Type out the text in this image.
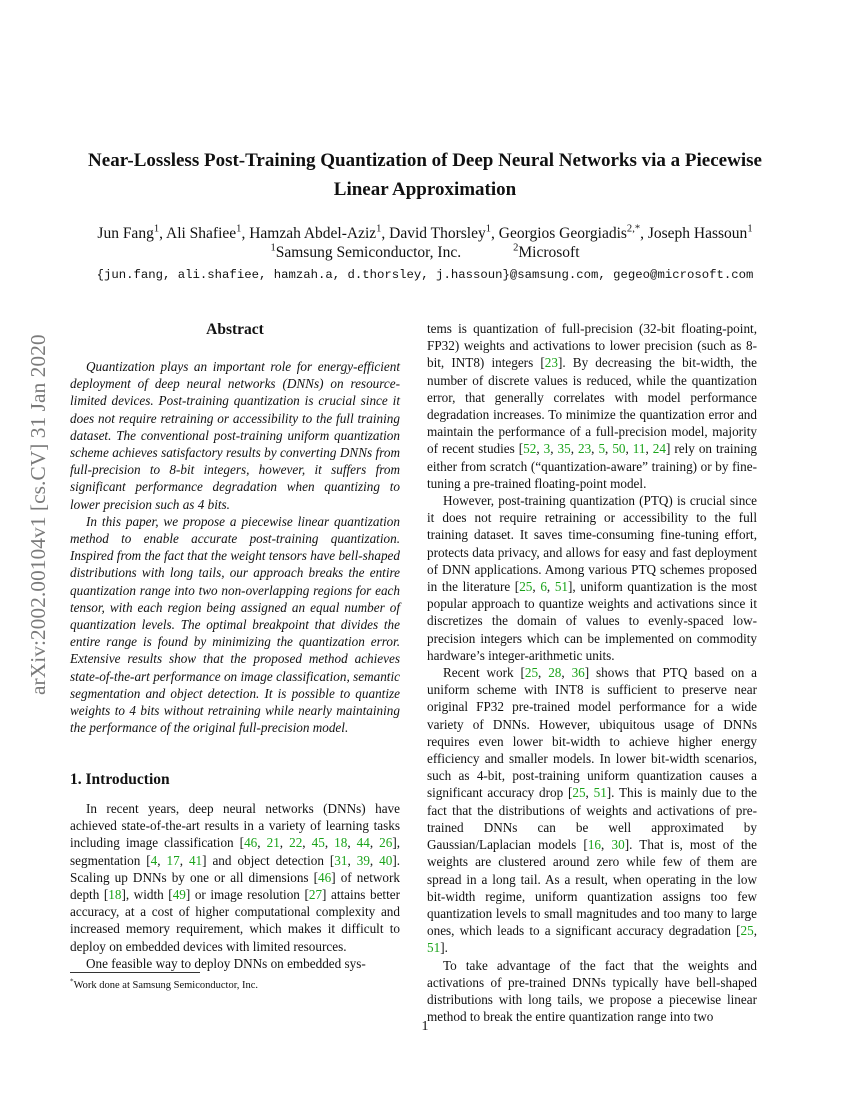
arXiv:2002.00104v1 [cs.CV] 31 Jan 2020
Near-Lossless Post-Training Quantization of Deep Neural Networks via a Piecewise Linear Approximation
Jun Fang$^1$, Ali Shafiee$^1$, Hamzah Abdel-Aziz$^1$, David Thorsley$^1$, Georgios Georgiadis$^{2,*}$, Joseph Hassoun$^1$
$^1$Samsung Semiconductor, Inc.	$^2$Microsoft
{jun.fang, ali.shafiee, hamzah.a, d.thorsley, j.hassoun}@samsung.com, gegeo@microsoft.com
Abstract

Quantization plays an important role for energy-efficient deployment of deep neural networks (DNNs) on resource-limited devices. Post-training quantization is crucial since it does not require retraining or accessibility to the full training dataset. The conventional post-training uniform quantization scheme achieves satisfactory results by converting DNNs from full-precision to 8-bit integers, however, it suffers from significant performance degradation when quantizing to lower precision such as 4 bits.

In this paper, we propose a piecewise linear quantization method to enable accurate post-training quantization. Inspired from the fact that the weight tensors have bell-shaped distributions with long tails, our approach breaks the entire quantization range into two non-overlapping regions for each tensor, with each region being assigned an equal number of quantization levels. The optimal breakpoint that divides the entire range is found by minimizing the quantization error. Extensive results show that the proposed method achieves state-of-the-art performance on image classification, semantic segmentation and object detection. It is possible to quantize weights to 4 bits without retraining while nearly maintaining the performance of the original full-precision model.

1. Introduction

In recent years, deep neural networks (DNNs) have achieved state-of-the-art results in a variety of learning tasks including image classification [46, 21, 22, 45, 18, 44, 26], segmentation [4, 17, 41] and object detection [31, 39, 40]. Scaling up DNNs by one or all dimensions [46] of network depth [18], width [49] or image resolution [27] attains better accuracy, at a cost of higher computational complexity and increased memory requirement, which makes it difficult to deploy on embedded devices with limited resources.

One feasible way to deploy DNNs on embedded sys-

tems is quantization of full-precision (32-bit floating-point, FP32) weights and activations to lower precision (such as 8-bit, INT8) integers [23]. By decreasing the bit-width, the number of discrete values is reduced, while the quantization error, that generally correlates with model performance degradation increases. To minimize the quantization error and maintain the performance of a full-precision model, majority of recent studies [52, 3, 35, 23, 5, 50, 11, 24] rely on training either from scratch (“quantization-aware” training) or by fine-tuning a pre-trained floating-point model.

However, post-training quantization (PTQ) is crucial since it does not require retraining or accessibility to the full training dataset. It saves time-consuming fine-tuning effort, protects data privacy, and allows for easy and fast deployment of DNN applications. Among various PTQ schemes proposed in the literature [25, 6, 51], uniform quantization is the most popular approach to quantize weights and activations since it discretizes the domain of values to evenly-spaced low-precision integers which can be implemented on commodity hardware’s integer-arithmetic units.

Recent work [25, 28, 36] shows that PTQ based on a uniform scheme with INT8 is sufficient to preserve near original FP32 pre-trained model performance for a wide variety of DNNs. However, ubiquitous usage of DNNs requires even lower bit-width to achieve higher energy efficiency and smaller models. In lower bit-width scenarios, such as 4-bit, post-training uniform quantization causes a significant accuracy drop [25, 51]. This is mainly due to the fact that the distributions of weights and activations of pre-trained DNNs can be well approximated by Gaussian/Laplacian models [16, 30]. That is, most of the weights are clustered around zero while few of them are spread in a long tail. As a result, when operating in the low bit-width regime, uniform quantization assigns too few quantization levels to small magnitudes and too many to large ones, which leads to a significant accuracy degradation [25, 51].

To take advantage of the fact that the weights and activations of pre-trained DNNs typically have bell-shaped distributions with long tails, we propose a piecewise linear method to break the entire quantization range into two

*Work done at Samsung Semiconductor, Inc.
1
